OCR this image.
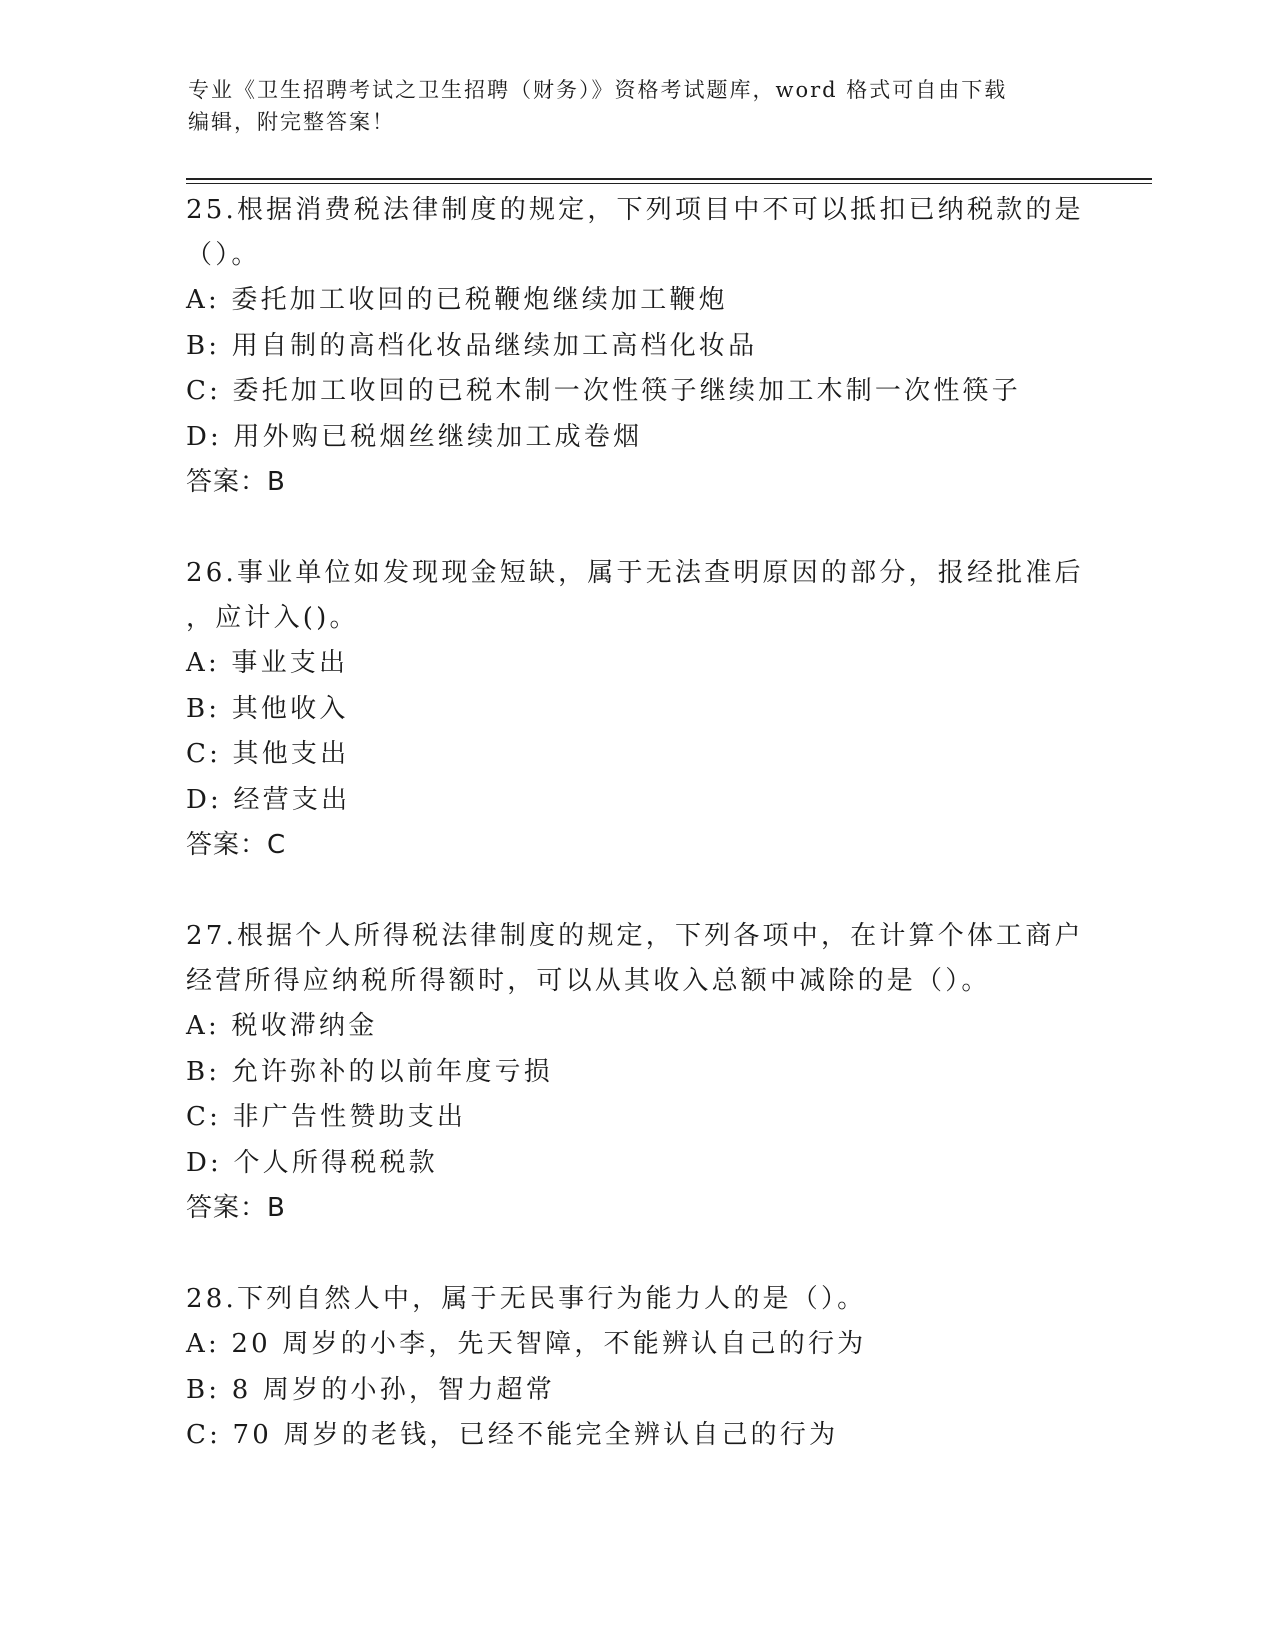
专业《卫生招聘考试之卫生招聘（财务）》资格考试题库，word 格式可自由下载
编辑，附完整答案！
25.根据消费税法律制度的规定，下列项目中不可以抵扣已纳税款的是
（）。
A: 委托加工收回的已税鞭炮继续加工鞭炮
B: 用自制的高档化妆品继续加工高档化妆品
C: 委托加工收回的已税木制一次性筷子继续加工木制一次性筷子
D: 用外购已税烟丝继续加工成卷烟
答案：B
26.事业单位如发现现金短缺，属于无法查明原因的部分，报经批准后
，应计入()。
A: 事业支出
B: 其他收入
C: 其他支出
D: 经营支出
答案：C
27.根据个人所得税法律制度的规定，下列各项中，在计算个体工商户
经营所得应纳税所得额时，可以从其收入总额中减除的是（）。
A: 税收滞纳金
B: 允许弥补的以前年度亏损
C: 非广告性赞助支出
D: 个人所得税税款
答案：B
28.下列自然人中，属于无民事行为能力人的是（）。
A: 20 周岁的小李，先天智障，不能辨认自己的行为
B: 8 周岁的小孙，智力超常
C: 70 周岁的老钱，已经不能完全辨认自己的行为
